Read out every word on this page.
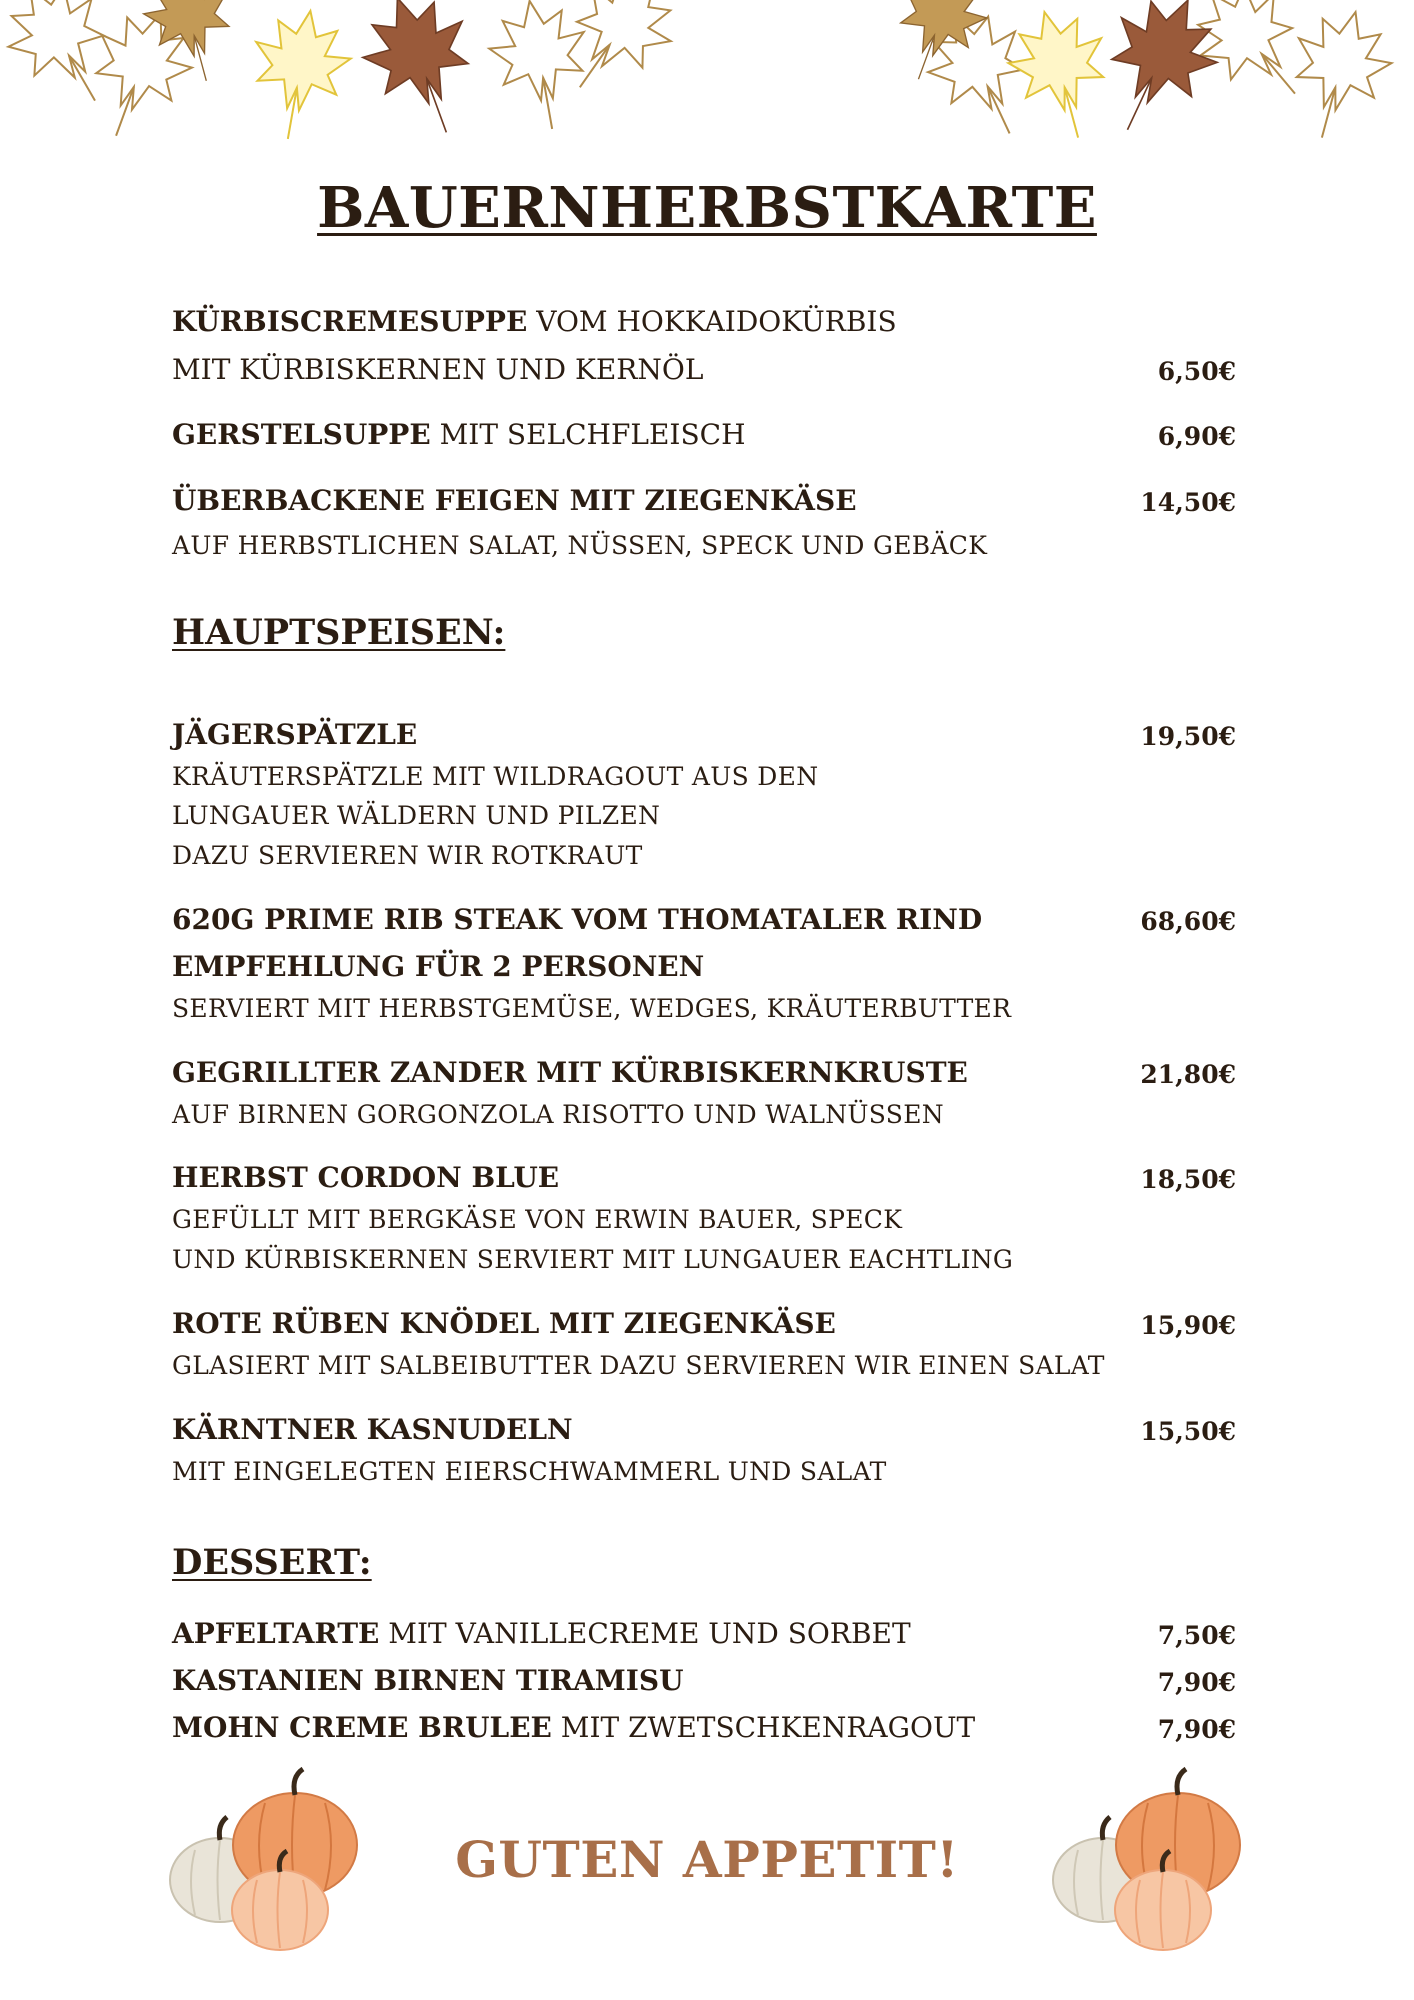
BAUERNHERBSTKARTE
KÜRBISCREMESUPPE VOM HOKKAIDOKÜRBIS
MIT KÜRBISKERNEN UND KERNÖL	6,50€
GERSTELSUPPE MIT SELCHFLEISCH	6,90€
ÜBERBACKENE FEIGEN MIT ZIEGENKÄSE	14,50€
AUF HERBSTLICHEN SALAT, NÜSSEN, SPECK UND GEBÄCK
HAUPTSPEISEN:
JÄGERSPÄTZLE	19,50€
KRÄUTERSPÄTZLE MIT WILDRAGOUT AUS DEN
LUNGAUER WÄLDERN UND PILZEN
DAZU SERVIEREN WIR ROTKRAUT
620G PRIME RIB STEAK VOM THOMATALER RIND	68,60€
EMPFEHLUNG FÜR 2 PERSONEN
SERVIERT MIT HERBSTGEMÜSE, WEDGES, KRÄUTERBUTTER
GEGRILLTER ZANDER MIT KÜRBISKERNKRUSTE	21,80€
AUF BIRNEN GORGONZOLA RISOTTO UND WALNÜSSEN
HERBST CORDON BLUE	18,50€
GEFÜLLT MIT BERGKÄSE VON ERWIN BAUER, SPECK
UND KÜRBISKERNEN SERVIERT MIT LUNGAUER EACHTLING
ROTE RÜBEN KNÖDEL MIT ZIEGENKÄSE	15,90€
GLASIERT MIT SALBEIBUTTER DAZU SERVIEREN WIR EINEN SALAT
KÄRNTNER KASNUDELN	15,50€
MIT EINGELEGTEN EIERSCHWAMMERL UND SALAT
DESSERT:
APFELTARTE MIT VANILLECREME UND SORBET	7,50€
KASTANIEN BIRNEN TIRAMISU	7,90€
MOHN CREME BRULEE MIT ZWETSCHKENRAGOUT	7,90€
GUTEN APPETIT!
